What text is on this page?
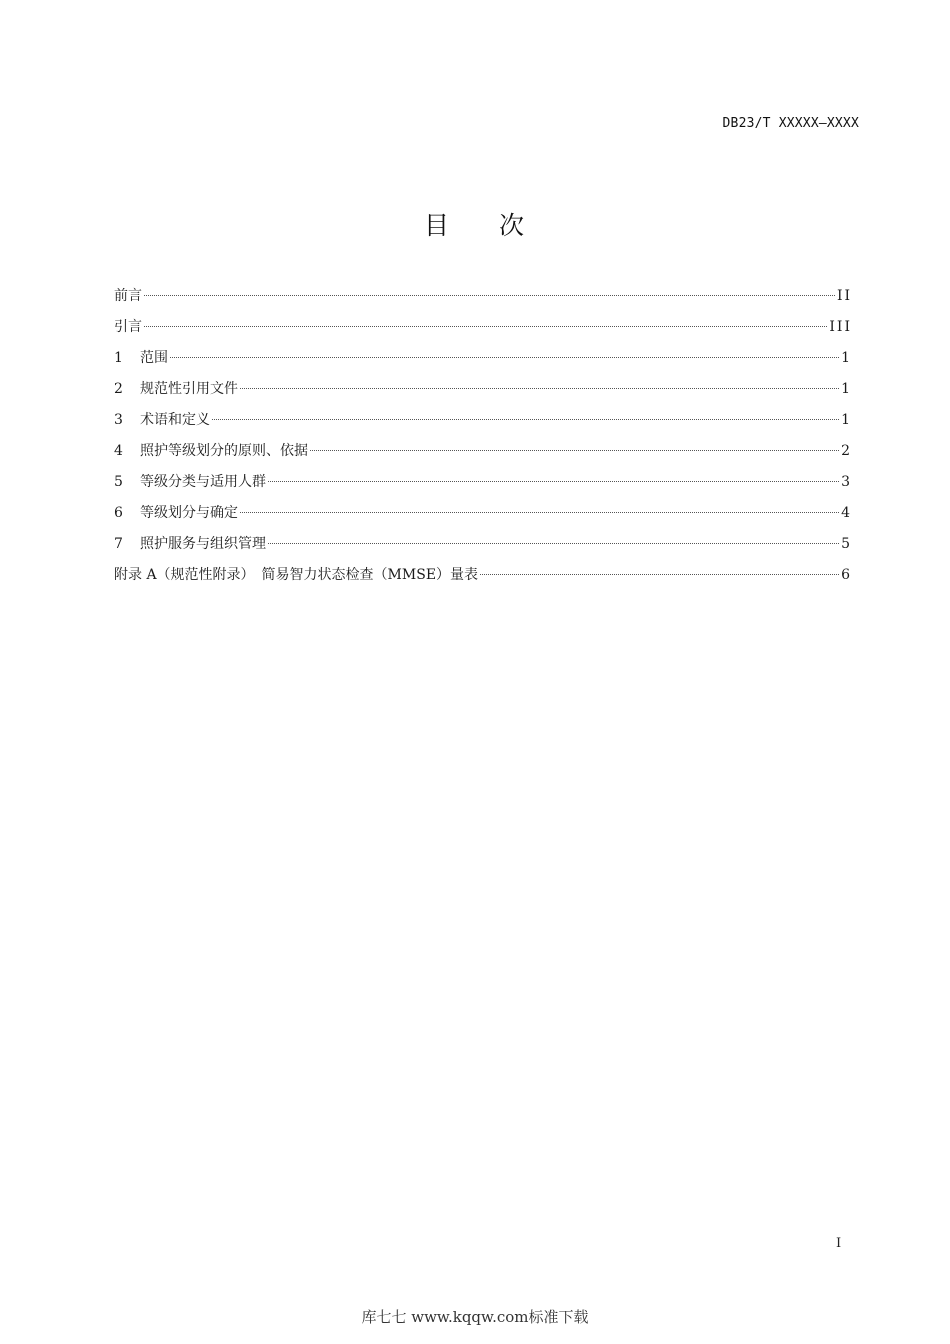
DB23/T XXXXX—XXXX
目 次
前言	II
引言	III
1	范围	1
2	规范性引用文件	1
3	术语和定义	1
4	照护等级划分的原则、依据	2
5	等级分类与适用人群	3
6	等级划分与确定	4
7	照护服务与组织管理	5
附录 A（规范性附录）　简易智力状态检查（MMSE）量表	6
I
库七七 www.kqqw.com标准下载
